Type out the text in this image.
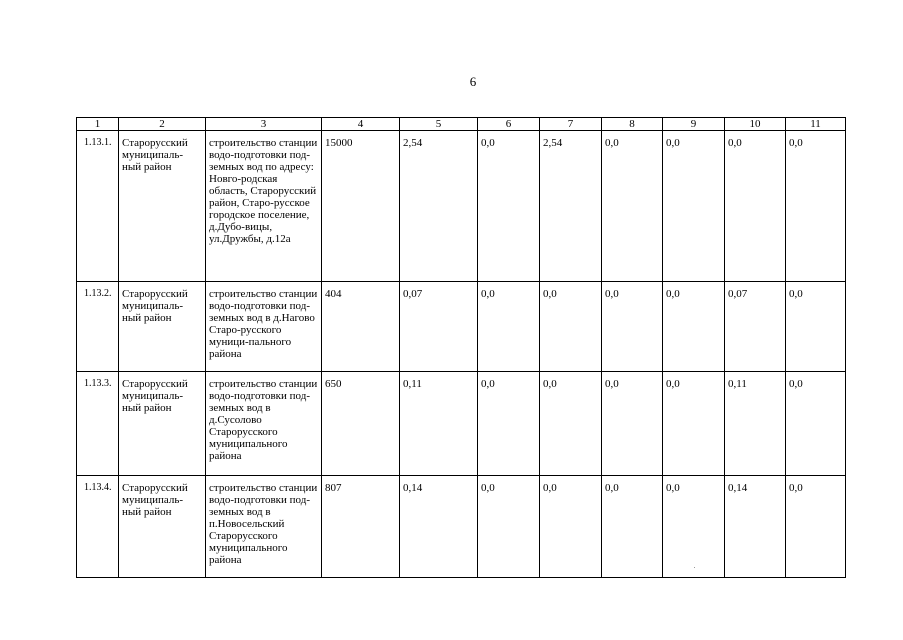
6
1	2	3	4	5	6	7	8	9	10	11
1.13.1.	Старорусский муниципаль-ный район	строительство станции водо-подготовки под-земных вод по адресу: Новго-родская область, Старорусский район, Старо-русское городское поселение, д.Дубо-вицы, ул.Дружбы, д.12а	15000	2,54	0,0	2,54	0,0	0,0	0,0	0,0
1.13.2.	Старорусский муниципаль-ный район	строительство станции водо-подготовки под-земных вод в д.Нагово Старо-русского муници-пального района	404	0,07	0,0	0,0	0,0	0,0	0,07	0,0
1.13.3.	Старорусский муниципаль-ный район	строительство станции водо-подготовки под-земных вод в д.Сусолово Старорусского муниципального района	650	0,11	0,0	0,0	0,0	0,0	0,11	0,0
1.13.4.	Старорусский муниципаль-ный район	строительство станции водо-подготовки под-земных вод в п.Новосельский Старорусского муниципального района	807	0,14	0,0	0,0	0,0	0,0	0,14	0,0
